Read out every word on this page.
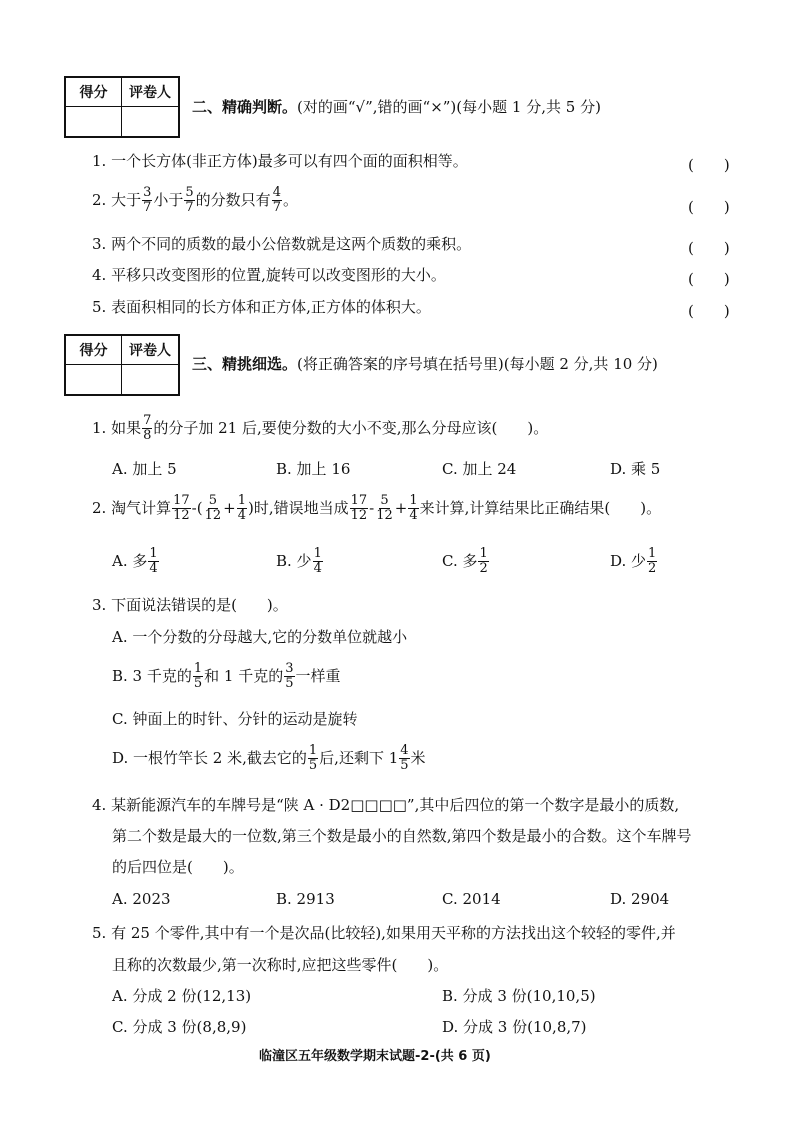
得分	评卷人
二、精确判断。(对的画“√”,错的画“×”)(每小题 1 分,共 5 分)
1. 一个长方体(非正方体)最多可以有四个面的面积相等。	(　　)
2. 大于 $\frac{3}{7}$ 小于 $\frac{5}{7}$ 的分数只有 $\frac{4}{7}$ 。	(　　)
3. 两个不同的质数的最小公倍数就是这两个质数的乘积。	(　　)
4. 平移只改变图形的位置,旋转可以改变图形的大小。	(　　)
5. 表面积相同的长方体和正方体,正方体的体积大。	(　　)
得分	评卷人
三、精挑细选。(将正确答案的序号填在括号里)(每小题 2 分,共 10 分)
1. 如果 $\frac{7}{8}$ 的分子加 21 后,要使分数的大小不变,那么分母应该(　　)。
A. 加上 5	B. 加上 16	C. 加上 24	D. 乘 5
2. 淘气计算 $\frac{17}{12}$ -( $\frac{5}{12} + \frac{1}{4}$ )时,错误地当成 $\frac{17}{12} - \frac{5}{12} + \frac{1}{4}$ 来计算,计算结果比正确结果(　　)。
A. 多 $\frac{1}{4}$	B. 少 $\frac{1}{4}$	C. 多 $\frac{1}{2}$	D. 少 $\frac{1}{2}$
3. 下面说法错误的是(　　)。
A. 一个分数的分母越大,它的分数单位就越小
B. 3 千克的 $\frac{1}{5}$ 和 1 千克的 $\frac{3}{5}$ 一样重
C. 钟面上的时针、分针的运动是旋转
D. 一根竹竿长 2 米,截去它的 $\frac{1}{5}$ 后,还剩下 $1 \frac{4}{5}$ 米
4. 某新能源汽车的车牌号是“陕 A · D2□□□□”,其中后四位的第一个数字是最小的质数,
第二个数是最大的一位数,第三个数是最小的自然数,第四个数是最小的合数。这个车牌号
的后四位是(　　)。
A. 2023	B. 2913	C. 2014	D. 2904
5. 有 25 个零件,其中有一个是次品(比较轻),如果用天平称的方法找出这个较轻的零件,并
且称的次数最少,第一次称时,应把这些零件(　　)。
A. 分成 2 份(12,13)	B. 分成 3 份(10,10,5)
C. 分成 3 份(8,8,9)	D. 分成 3 份(10,8,7)
临潼区五年级数学期末试题-2-(共 6 页)
